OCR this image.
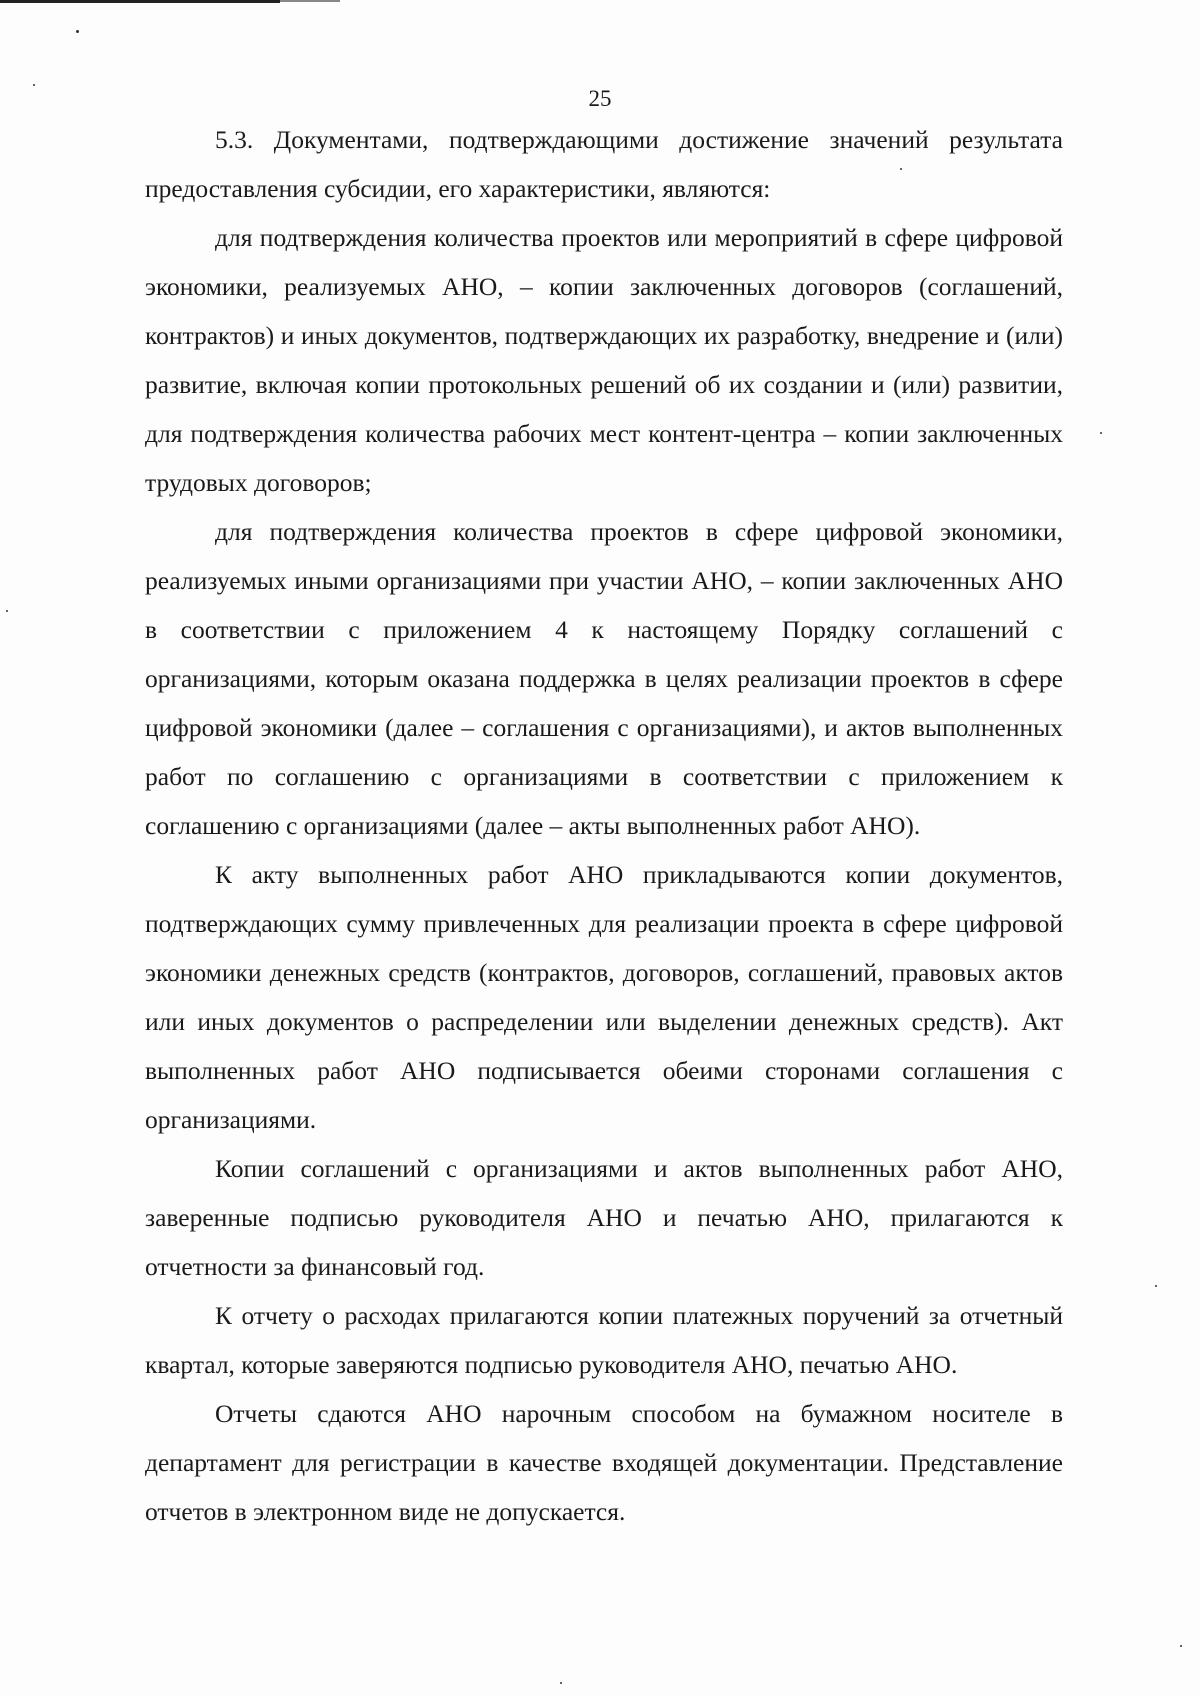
25

5.3. Документами, подтверждающими достижение значений результата предоставления субсидии, его характеристики, являются:

для подтверждения количества проектов или мероприятий в сфере цифровой экономики, реализуемых АНО, – копии заключенных договоров (соглашений, контрактов) и иных документов, подтверждающих их разработку, внедрение и (или) развитие, включая копии протокольных решений об их создании и (или) развитии, для подтверждения количества рабочих мест контент-центра – копии заключенных трудовых договоров;

для подтверждения количества проектов в сфере цифровой экономики, реализуемых иными организациями при участии АНО, – копии заключенных АНО в соответствии с приложением 4 к настоящему Порядку соглашений с организациями, которым оказана поддержка в целях реализации проектов в сфере цифровой экономики (далее – соглашения с организациями), и актов выполненных работ по соглашению с организациями в соответствии с приложением к соглашению с организациями (далее – акты выполненных работ АНО).

К акту выполненных работ АНО прикладываются копии документов, подтверждающих сумму привлеченных для реализации проекта в сфере цифровой экономики денежных средств (контрактов, договоров, соглашений, правовых актов или иных документов о распределении или выделении денежных средств). Акт выполненных работ АНО подписывается обеими сторонами соглашения с организациями.

Копии соглашений с организациями и актов выполненных работ АНО, заверенные подписью руководителя АНО и печатью АНО, прилагаются к отчетности за финансовый год.

К отчету о расходах прилагаются копии платежных поручений за отчетный квартал, которые заверяются подписью руководителя АНО, печатью АНО.

Отчеты сдаются АНО нарочным способом на бумажном носителе в департамент для регистрации в качестве входящей документации. Представление отчетов в электронном виде не допускается.
